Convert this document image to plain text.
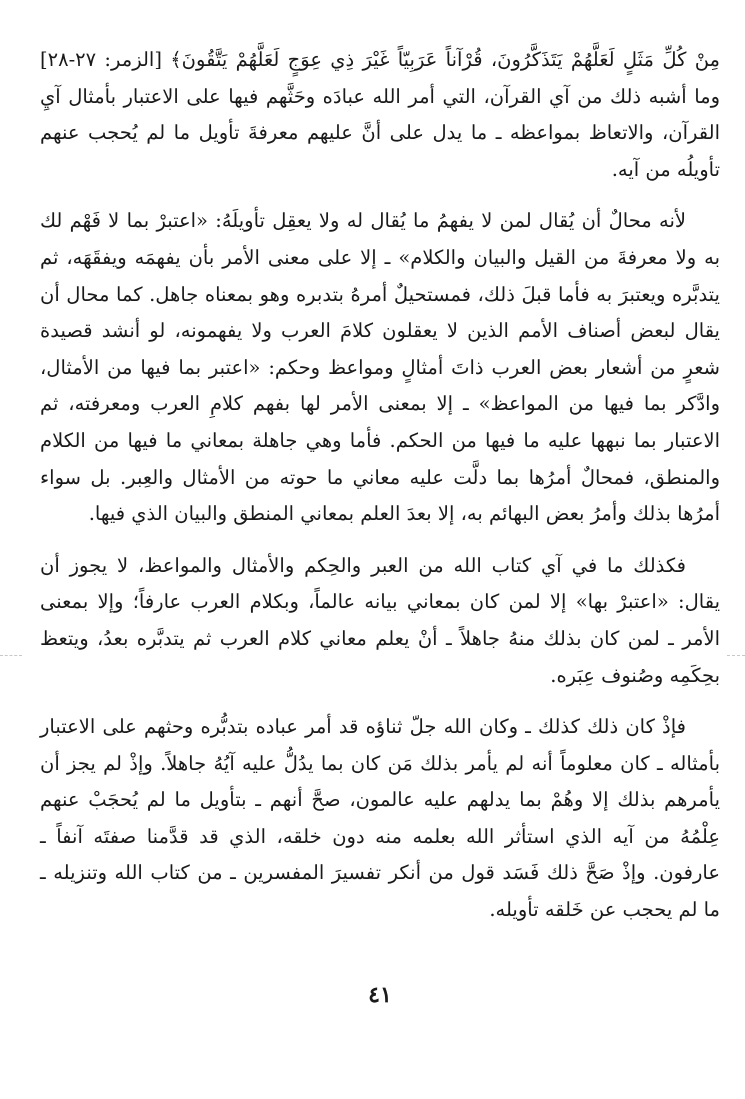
مِنْ كُلِّ مَثَلٍ لَعَلَّهُمْ يَتَذَكَّرُونَ، قُرْآناً عَرَبِيّاً غَيْرَ ذِي عِوَجٍ لَعَلَّهُمْ يَتَّقُونَ﴾ [الزمر: ٢٧-٢٨] وما أشبه ذلك من آي القرآن، التي أمر الله عبادَه وحَثَّهم فيها على الاعتبار بأمثال آيِ القرآن، والاتعاظ بمواعظه ـ ما يدل على أنَّ عليهم معرفةَ تأويل ما لم يُحجب عنهم تأويلُه من آيه.

لأنه محالٌ أن يُقال لمن لا يفهمُ ما يُقال له ولا يعقِل تأويلَهُ: «اعتبرْ بما لا فَهْم لك به ولا معرفةَ من القيل والبيان والكلام» ـ إلا على معنى الأمر بأن يفهمَه ويفقَهَه، ثم يتدبَّره ويعتبرَ به فأما قبلَ ذلك، فمستحيلٌ أمرهُ بتدبره وهو بمعناه جاهل. كما محال أن يقال لبعض أصناف الأمم الذين لا يعقلون كلامَ العرب ولا يفهمونه، لو أنشد قصيدة شعرٍ من أشعار بعض العرب ذاتَ أمثالٍ ومواعظ وحكم: «اعتبر بما فيها من الأمثال، وادَّكر بما فيها من المواعظ» ـ إلا بمعنى الأمر لها بفهم كلامِ العرب ومعرفته، ثم الاعتبار بما نبهها عليه ما فيها من الحكم. فأما وهي جاهلة بمعاني ما فيها من الكلام والمنطق، فمحالٌ أمرُها بما دلَّت عليه معاني ما حوته من الأمثال والعِبر. بل سواء أمرُها بذلك وأمرُ بعض البهائم به، إلا بعدَ العلم بمعاني المنطق والبيان الذي فيها.

فكذلك ما في آي كتاب الله من العبر والحِكم والأمثال والمواعظ، لا يجوز أن يقال: «اعتبرْ بها» إلا لمن كان بمعاني بيانه عالماً، وبكلام العرب عارفاً؛ وإلا بمعنى الأمر ـ لمن كان بذلك منهُ جاهلاً ـ أنْ يعلم معاني كلام العرب ثم يتدبَّره بعدُ، ويتعظ بحِكَمِه وصُنوف عِبَره.

فإذْ كان ذلك كذلك ـ وكان الله جلّ ثناؤه قد أمر عباده بتدبُّره وحثهم على الاعتبار بأمثاله ـ كان معلوماً أنه لم يأمر بذلك مَن كان بما يدُلُّ عليه آيُهُ جاهلاً. وإذْ لم يجز أن يأمرهم بذلك إلا وهُمْ بما يدلهم عليه عالمون، صحَّ أنهم ـ بتأويل ما لم يُحجَبْ عنهم عِلْمُهُ من آيه الذي استأثر الله بعلمه منه دون خلقه، الذي قد قدَّمنا صفتَه آنفاً ـ عارفون. وإذْ صَحَّ ذلك فَسَد قول من أنكر تفسيرَ المفسرين ـ من كتاب الله وتنزيله ـ ما لم يحجب عن خَلقه تأويله.

٤١
